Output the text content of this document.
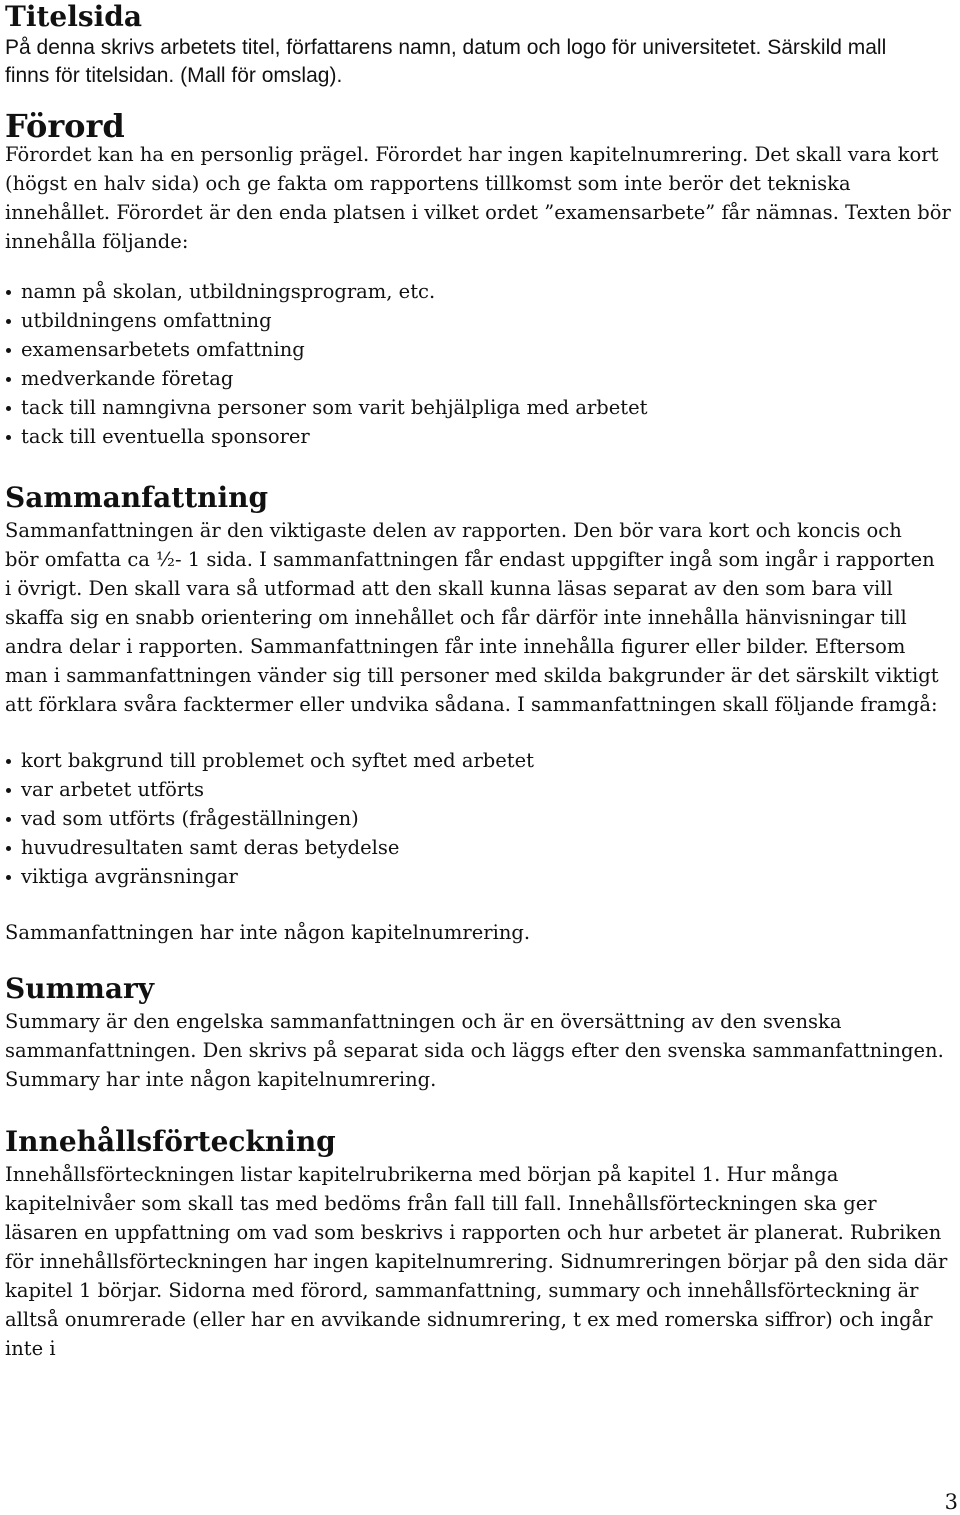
Titelsida

På denna skrivs arbetets titel, författarens namn, datum och logo för universitetet. Särskild mall finns för titelsidan. (Mall för omslag).

Förord

Förordet kan ha en personlig prägel. Förordet har ingen kapitelnumrering. Det skall vara kort (högst en halv sida) och ge fakta om rapportens tillkomst som inte berör det tekniska innehållet. Förordet är den enda platsen i vilket ordet ”examensarbete” får nämnas. Texten bör innehålla följande:

namn på skolan, utbildningsprogram, etc.
utbildningens omfattning
examensarbetets omfattning
medverkande företag
tack till namngivna personer som varit behjälpliga med arbetet
tack till eventuella sponsorer
Sammanfattning

Sammanfattningen är den viktigaste delen av rapporten. Den bör vara kort och koncis och bör omfatta ca ½- 1 sida. I sammanfattningen får endast uppgifter ingå som ingår i rapporten i övrigt. Den skall vara så utformad att den skall kunna läsas separat av den som bara vill skaffa sig en snabb orientering om innehållet och får därför inte innehålla hänvisningar till andra delar i rapporten. Sammanfattningen får inte innehålla figurer eller bilder. Eftersom man i sammanfattningen vänder sig till personer med skilda bakgrunder är det särskilt viktigt att förklara svåra facktermer eller undvika sådana. I sammanfattningen skall följande framgå:

kort bakgrund till problemet och syftet med arbetet
var arbetet utförts
vad som utförts (frågeställningen)
huvudresultaten samt deras betydelse
viktiga avgränsningar

Sammanfattningen har inte någon kapitelnumrering.

Summary

Summary är den engelska sammanfattningen och är en översättning av den svenska sammanfattningen. Den skrivs på separat sida och läggs efter den svenska sammanfattningen. Summary har inte någon kapitelnumrering.

Innehållsförteckning

Innehållsförteckningen listar kapitelrubrikerna med början på kapitel 1. Hur många kapitelnivåer som skall tas med bedöms från fall till fall. Innehållsförteckningen ska ger läsaren en uppfattning om vad som beskrivs i rapporten och hur arbetet är planerat. Rubriken för innehållsförteckningen har ingen kapitelnumrering. Sidnumreringen börjar på den sida där kapitel 1 börjar. Sidorna med förord, sammanfattning, summary och innehållsförteckning är alltså onumrerade (eller har en avvikande sidnumrering, t ex med romerska siffror) och ingår inte i

3
